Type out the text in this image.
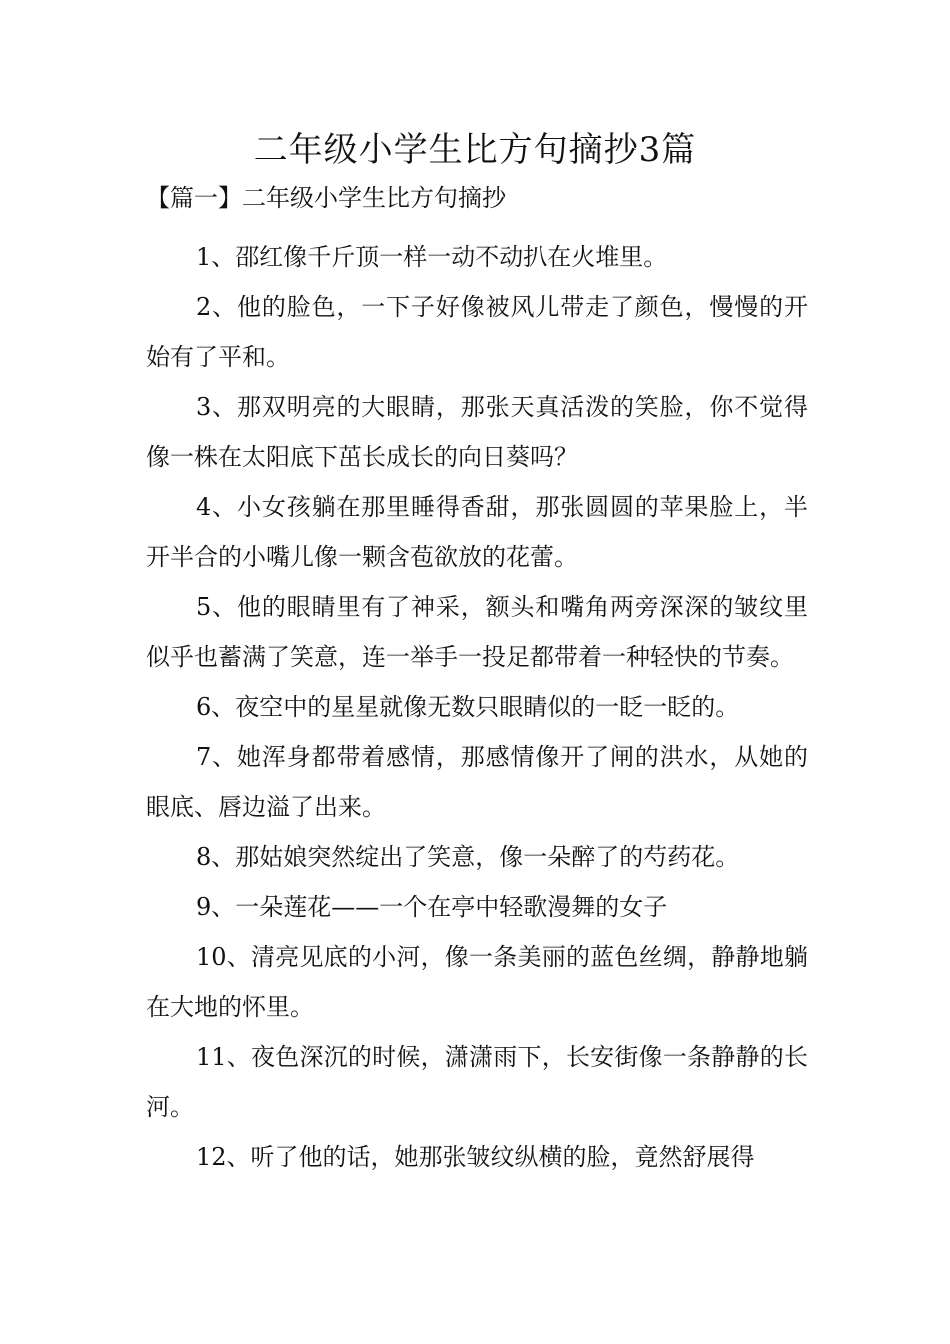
二年级小学生比方句摘抄3篇

【篇一】二年级小学生比方句摘抄

1、邵红像千斤顶一样一动不动扒在火堆里。
2、他的脸色，一下子好像被风儿带走了颜色，慢慢的开始有了平和。
3、那双明亮的大眼睛，那张天真活泼的笑脸，你不觉得像一株在太阳底下茁长成长的向日葵吗？
4、小女孩躺在那里睡得香甜，那张圆圆的苹果脸上，半开半合的小嘴儿像一颗含苞欲放的花蕾。
5、他的眼睛里有了神采，额头和嘴角两旁深深的皱纹里似乎也蓄满了笑意，连一举手一投足都带着一种轻快的节奏。
6、夜空中的星星就像无数只眼睛似的一眨一眨的。
7、她浑身都带着感情，那感情像开了闸的洪水，从她的眼底、唇边溢了出来。
8、那姑娘突然绽出了笑意，像一朵醉了的芍药花。
9、一朵莲花——一个在亭中轻歌漫舞的女子
10、清亮见底的小河，像一条美丽的蓝色丝绸，静静地躺在大地的怀里。
11、夜色深沉的时候，潇潇雨下，长安街像一条静静的长河。
12、听了他的话，她那张皱纹纵横的脸，竟然舒展得
